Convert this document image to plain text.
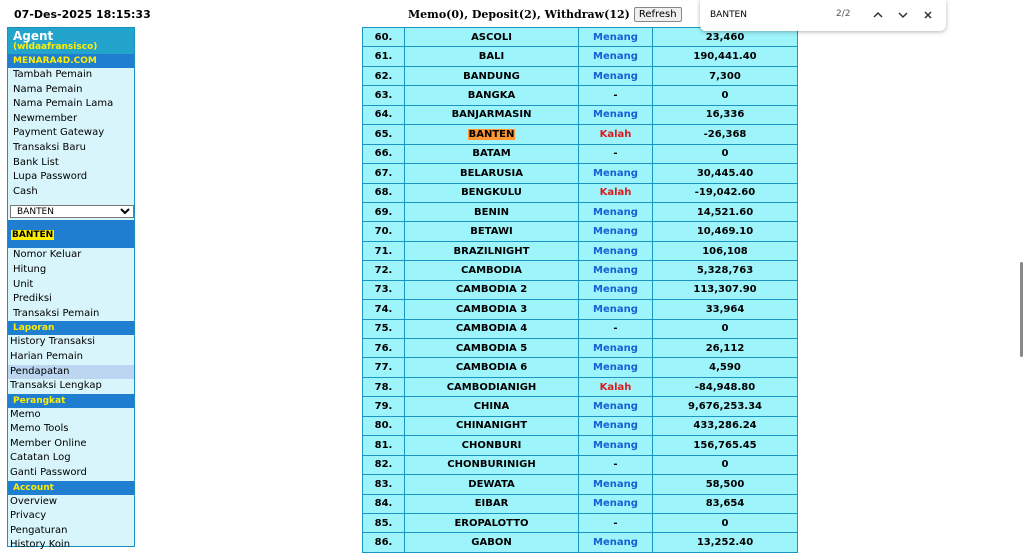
07-Des-2025 18:15:33	Memo(0), Deposit(2), Withdraw(12) Refresh
Agent
(wldaafransisco)
MENARA4D.COM
Tambah Pemain
Nama Pemain
Nama Pemain Lama
Newmember
Payment Gateway
Transaksi Baru
Bank List
Lupa Password
Cash
BANTEN
BANTEN
Nomor Keluar
Hitung
Unit
Prediksi
Transaksi Pemain
Laporan
History Transaksi
Harian Pemain
Pendapatan
Transaksi Lengkap
Perangkat
Memo
Memo Tools
Member Online
Catatan Log
Ganti Password
Account
Overview
Privacy
Pengaturan
History Koin
60.	ASCOLI	Menang	23,460
61.	BALI	Menang	190,441.40
62.	BANDUNG	Menang	7,300
63.	BANGKA	-	0
64.	BANJARMASIN	Menang	16,336
65.	BANTEN	Kalah	-26,368
66.	BATAM	-	0
67.	BELARUSIA	Menang	30,445.40
68.	BENGKULU	Kalah	-19,042.60
69.	BENIN	Menang	14,521.60
70.	BETAWI	Menang	10,469.10
71.	BRAZILNIGHT	Menang	106,108
72.	CAMBODIA	Menang	5,328,763
73.	CAMBODIA 2	Menang	113,307.90
74.	CAMBODIA 3	Menang	33,964
75.	CAMBODIA 4	-	0
76.	CAMBODIA 5	Menang	26,112
77.	CAMBODIA 6	Menang	4,590
78.	CAMBODIANIGH	Kalah	-84,948.80
79.	CHINA	Menang	9,676,253.34
80.	CHINANIGHT	Menang	433,286.24
81.	CHONBURI	Menang	156,765.45
82.	CHONBURINIGH	-	0
83.	DEWATA	Menang	58,500
84.	EIBAR	Menang	83,654
85.	EROPALOTTO	-	0
86.	GABON	Menang	13,252.40
BANTEN
2/2
